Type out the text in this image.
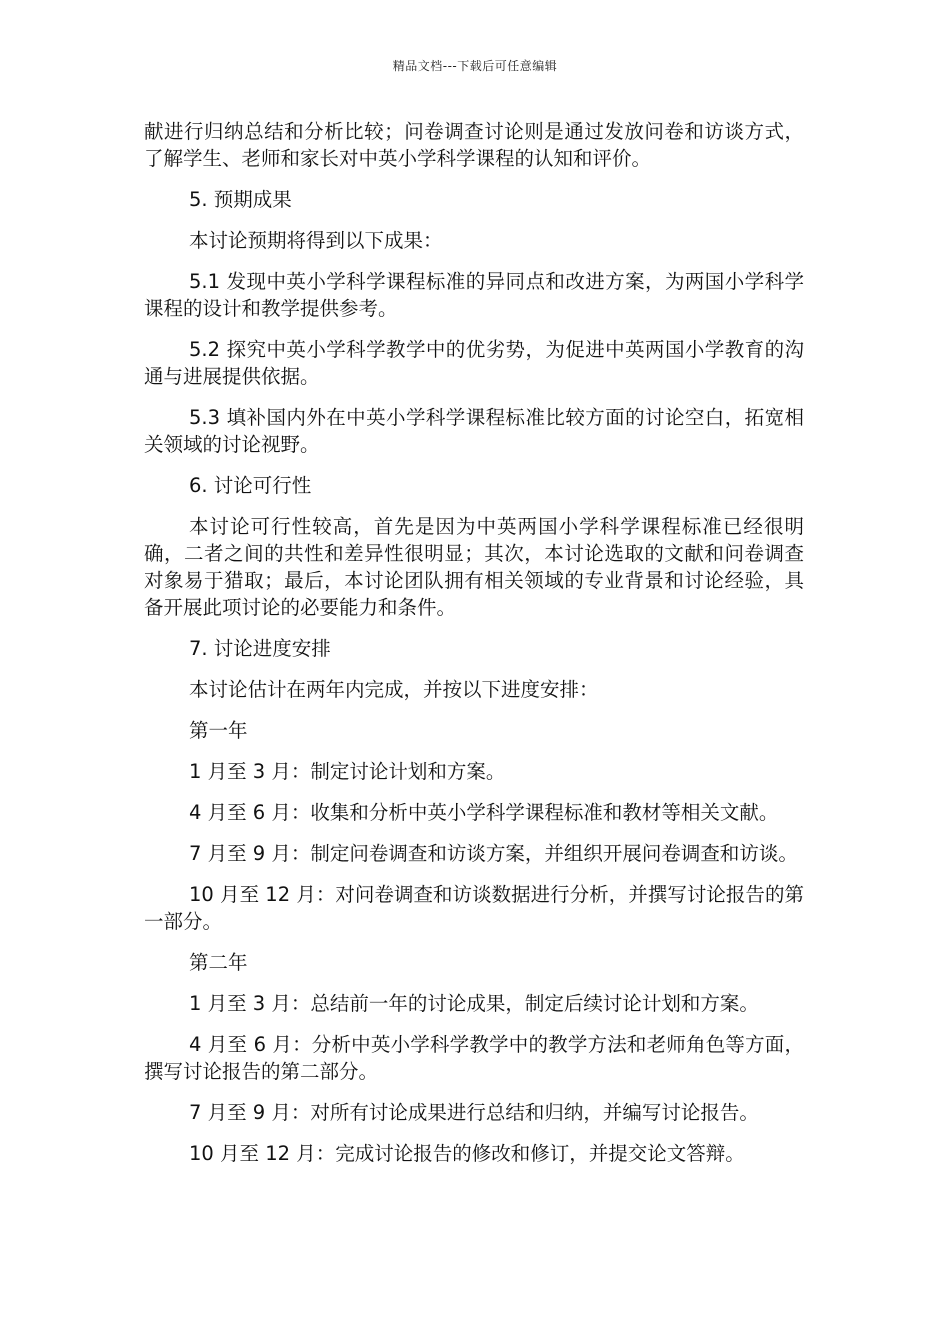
精品文档---下载后可任意编辑

献进行归纳总结和分析比较；问卷调查讨论则是通过发放问卷和访谈方式，了解学生、老师和家长对中英小学科学课程的认知和评价。

5. 预期成果

本讨论预期将得到以下成果：

5.1 发现中英小学科学课程标准的异同点和改进方案，为两国小学科学课程的设计和教学提供参考。

5.2 探究中英小学科学教学中的优劣势，为促进中英两国小学教育的沟通与进展提供依据。

5.3 填补国内外在中英小学科学课程标准比较方面的讨论空白，拓宽相关领域的讨论视野。

6. 讨论可行性

本讨论可行性较高，首先是因为中英两国小学科学课程标准已经很明确，二者之间的共性和差异性很明显；其次，本讨论选取的文献和问卷调查对象易于猎取；最后，本讨论团队拥有相关领域的专业背景和讨论经验，具备开展此项讨论的必要能力和条件。

7. 讨论进度安排

本讨论估计在两年内完成，并按以下进度安排：

第一年

1 月至 3 月：制定讨论计划和方案。

4 月至 6 月：收集和分析中英小学科学课程标准和教材等相关文献。

7 月至 9 月：制定问卷调查和访谈方案，并组织开展问卷调查和访谈。

10 月至 12 月：对问卷调查和访谈数据进行分析，并撰写讨论报告的第一部分。

第二年

1 月至 3 月：总结前一年的讨论成果，制定后续讨论计划和方案。

4 月至 6 月：分析中英小学科学教学中的教学方法和老师角色等方面，撰写讨论报告的第二部分。

7 月至 9 月：对所有讨论成果进行总结和归纳，并编写讨论报告。

10 月至 12 月：完成讨论报告的修改和修订，并提交论文答辩。
